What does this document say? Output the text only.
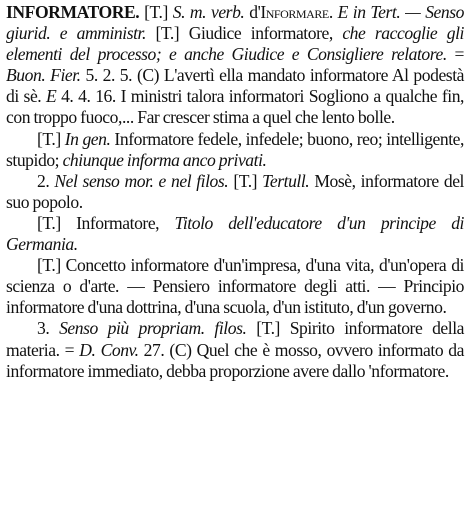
INFORMATORE. [T.] S. m. verb. d'Informare. E in Tert. — Senso giurid. e amministr. [T.] Giudice informatore, che raccoglie gli elementi del processo; e anche Giudice e Consigliere relatore. = Buon. Fier. 5. 2. 5. (C) L'avertì ella mandato informatore Al podestà di sè. E 4. 4. 16. I ministri talora informatori Sogliono a qualche fin, con troppo fuoco,... Far crescer stima a quel che lento bolle.

[T.] In gen. Informatore fedele, infedele; buono, reo; intelligente, stupido; chiunque informa anco privati.

2. Nel senso mor. e nel filos. [T.] Tertull. Mosè, informatore del suo popolo.

[T.] Informatore, Titolo dell'educatore d'un principe di Germania.

[T.] Concetto informatore d'un'impresa, d'una vita, d'un'opera di scienza o d'arte. — Pensiero informatore degli atti. — Principio informatore d'una dottrina, d'una scuola, d'un istituto, d'un governo.

3. Senso più propriam. filos. [T.] Spirito informatore della materia. = D. Conv. 27. (C) Quel che è mosso, ovvero informato da informatore immediato, debba proporzione avere dallo 'nformatore.
